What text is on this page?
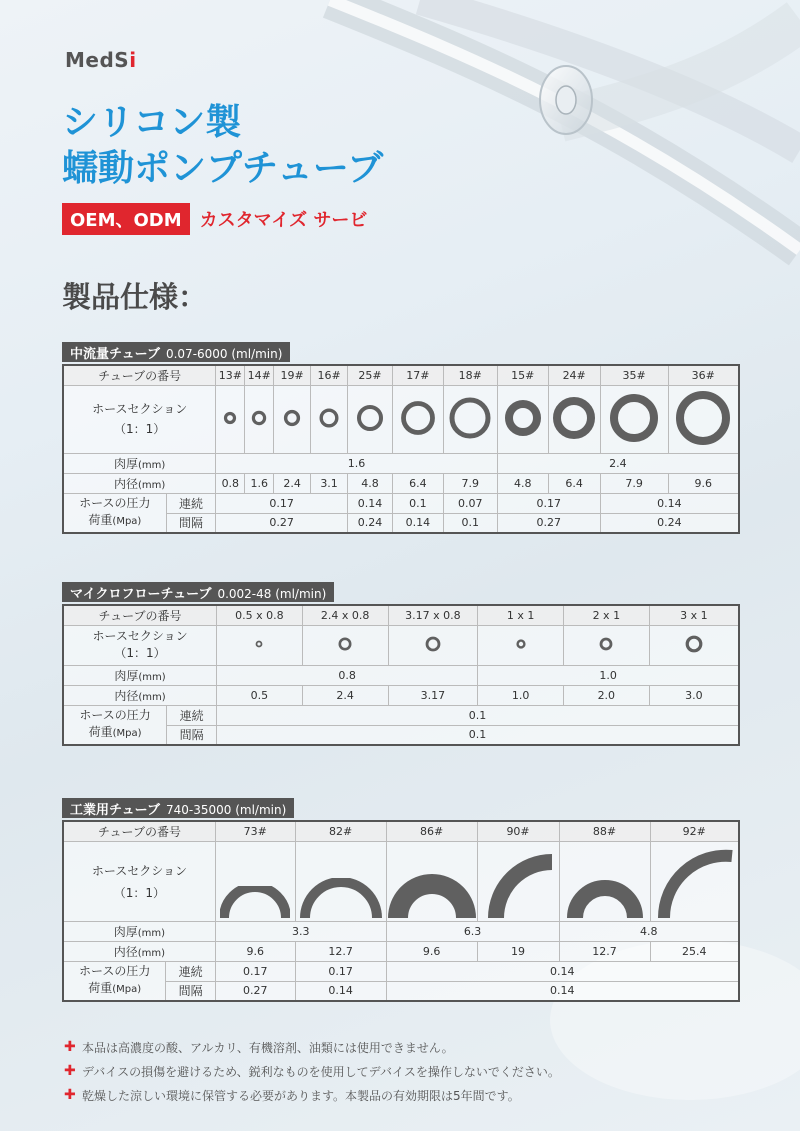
MedSi
シリコン製
蠕動ポンプチューブ
OEM、ODM	カスタマイズ サービ
製品仕様：
中流量チューブ 0.07-6000 (ml/min)
チューブの番号		13#	14#	19#	16#	25#	17#	18#	15#	24#	35#	36#

ホースセクション
（1：1）

肉厚(mm)		1.6							2.4			
内径(mm)		0.8	1.6	2.4	3.1	4.8	6.4	7.9	4.8	6.4	7.9	9.6

ホースの圧力
荷重(Mpa)	連続	0.17				0.14	0.1	0.07	0.17		0.14	
	間隔	0.27				0.24	0.14	0.1	0.27		0.24	
マイクロフローチューブ 0.002-48 (ml/min)
チューブの番号		0.5 x 0.8	2.4 x 0.8	3.17 x 0.8	1 x 1	2 x 1	3 x 1

ホースセクション
（1：1）

肉厚(mm)		0.8			1.0		
内径(mm)		0.5	2.4	3.17	1.0	2.0	3.0

ホースの圧力
荷重(Mpa)	連続	0.1					
	間隔	0.1					
工業用チューブ 740-35000 (ml/min)
チューブの番号		73#	82#	86#	90#	88#	92#

ホースセクション
（1：1）

肉厚(mm)		3.3		6.3		4.8	
内径(mm)		9.6	12.7	9.6	19	12.7	25.4

ホースの圧力
荷重(Mpa)	連続	0.17	0.17	0.14			
	間隔	0.27	0.14	0.14			
✚ 本品は高濃度の酸、アルカリ、有機溶剤、油類には使用できません。
✚ デバイスの損傷を避けるため、鋭利なものを使用してデバイスを操作しないでください。
✚ 乾燥した涼しい環境に保管する必要があります。本製品の有効期限は5年間です。
